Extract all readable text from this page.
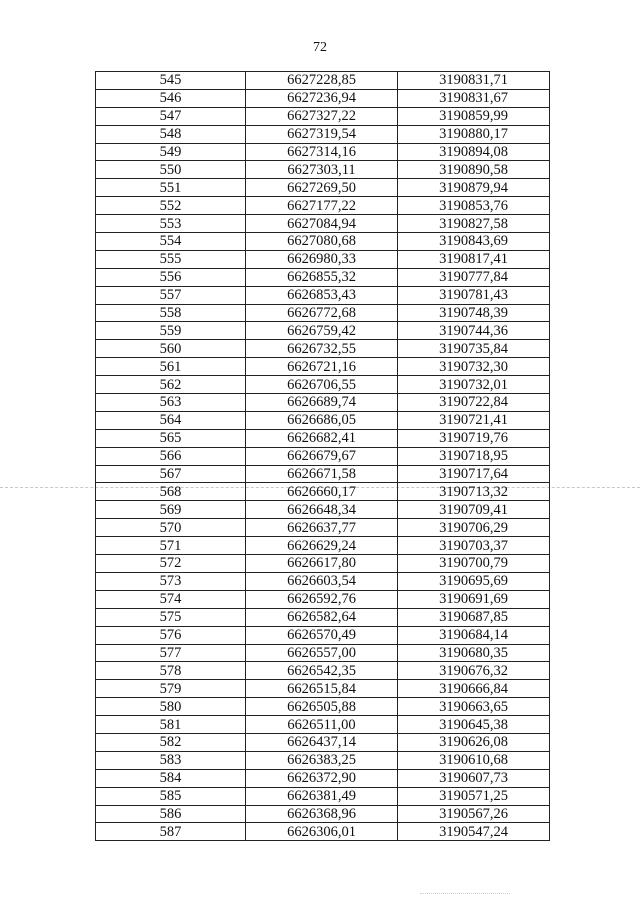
72
545	6627228,85	3190831,71
546	6627236,94	3190831,67
547	6627327,22	3190859,99
548	6627319,54	3190880,17
549	6627314,16	3190894,08
550	6627303,11	3190890,58
551	6627269,50	3190879,94
552	6627177,22	3190853,76
553	6627084,94	3190827,58
554	6627080,68	3190843,69
555	6626980,33	3190817,41
556	6626855,32	3190777,84
557	6626853,43	3190781,43
558	6626772,68	3190748,39
559	6626759,42	3190744,36
560	6626732,55	3190735,84
561	6626721,16	3190732,30
562	6626706,55	3190732,01
563	6626689,74	3190722,84
564	6626686,05	3190721,41
565	6626682,41	3190719,76
566	6626679,67	3190718,95
567	6626671,58	3190717,64
568	6626660,17	3190713,32
569	6626648,34	3190709,41
570	6626637,77	3190706,29
571	6626629,24	3190703,37
572	6626617,80	3190700,79
573	6626603,54	3190695,69
574	6626592,76	3190691,69
575	6626582,64	3190687,85
576	6626570,49	3190684,14
577	6626557,00	3190680,35
578	6626542,35	3190676,32
579	6626515,84	3190666,84
580	6626505,88	3190663,65
581	6626511,00	3190645,38
582	6626437,14	3190626,08
583	6626383,25	3190610,68
584	6626372,90	3190607,73
585	6626381,49	3190571,25
586	6626368,96	3190567,26
587	6626306,01	3190547,24
